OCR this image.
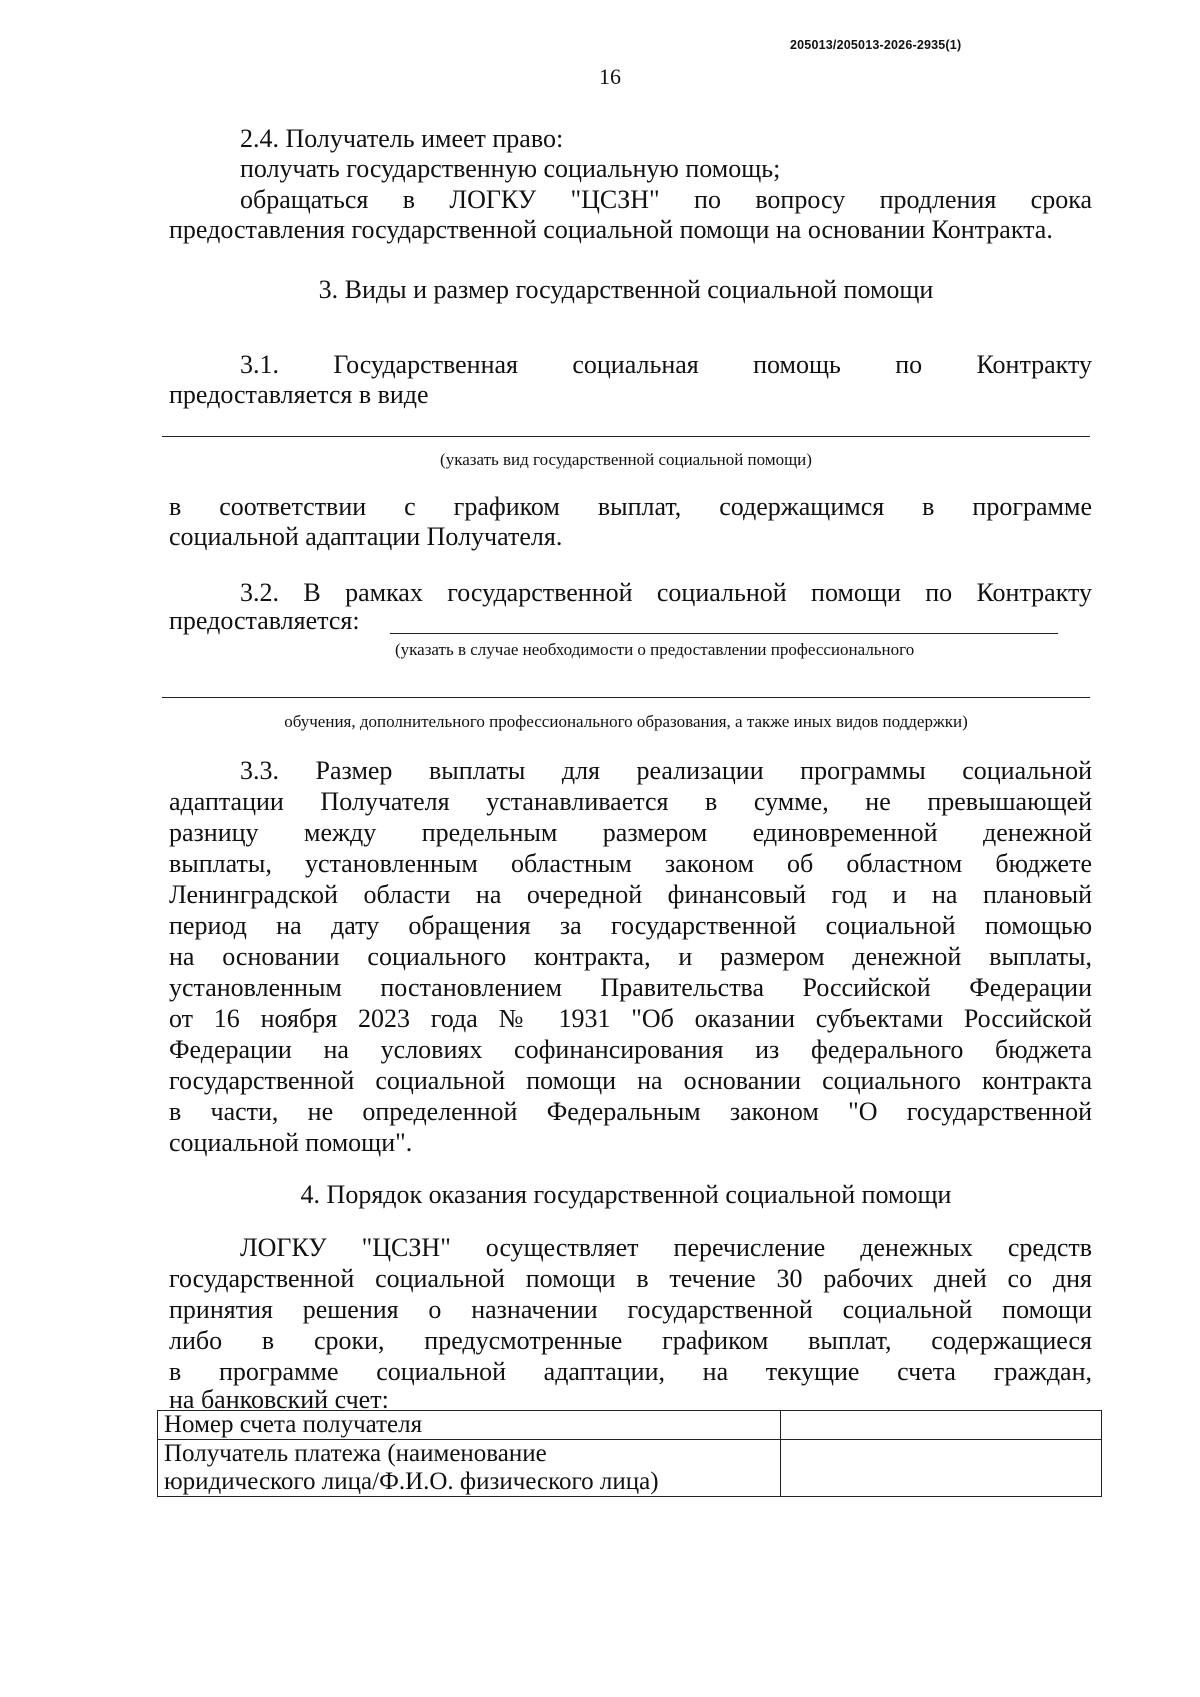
205013/205013-2026-2935(1)
16
2.4. Получатель имеет право:
получать государственную социальную помощь;
обращаться в ЛОГКУ "ЦСЗН" по вопросу продления срока
предоставления государственной социальной помощи на основании Контракта.
3. Виды и размер государственной социальной помощи
3.1. Государственная социальная помощь по Контракту
предоставляется в виде
(указать вид государственной социальной помощи)
в соответствии с графиком выплат, содержащимся в программе
социальной адаптации Получателя.
3.2. В рамках государственной социальной помощи по Контракту
предоставляется:
(указать в случае необходимости о предоставлении профессионального
обучения, дополнительного профессионального образования, а также иных видов поддержки)
3.3. Размер выплаты для реализации программы социальной
адаптации Получателя устанавливается в сумме, не превышающей
разницу между предельным размером единовременной денежной
выплаты, установленным областным законом об областном бюджете
Ленинградской области на очередной финансовый год и на плановый
период на дату обращения за государственной социальной помощью
на основании социального контракта, и размером денежной выплаты,
установленным постановлением Правительства Российской Федерации
от 16 ноября 2023 года № 1931 "Об оказании субъектами Российской
Федерации на условиях софинансирования из федерального бюджета
государственной социальной помощи на основании социального контракта
в части, не определенной Федеральным законом "О государственной
социальной помощи".
4. Порядок оказания государственной социальной помощи
ЛОГКУ "ЦСЗН" осуществляет перечисление денежных средств
государственной социальной помощи в течение 30 рабочих дней со дня
принятия решения о назначении государственной социальной помощи
либо в сроки, предусмотренные графиком выплат, содержащиеся
в программе социальной адаптации, на текущие счета граждан,
на банковский счет:
Номер счета получателя	

Получатель платежа (наименование
юридического лица/Ф.И.О. физического лица)	
